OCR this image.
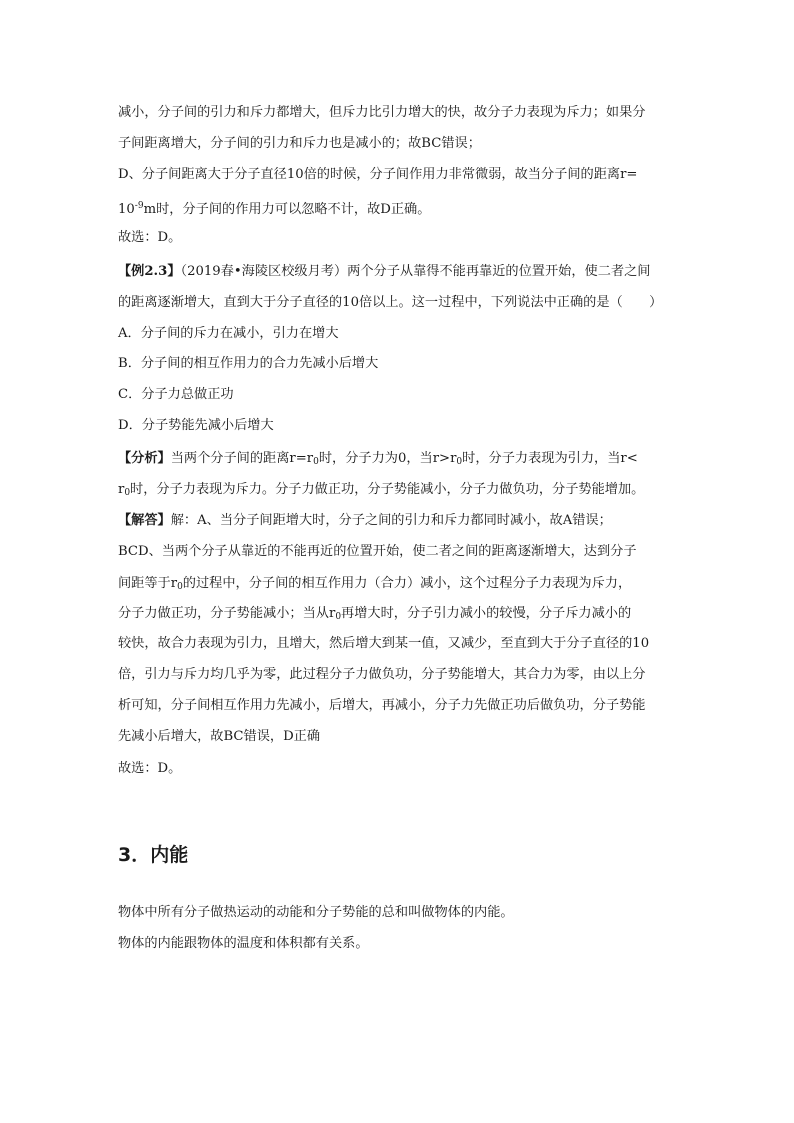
减小，分子间的引力和斥力都增大，但斥力比引力增大的快，故分子力表现为斥力；如果分
子间距离增大，分子间的引力和斥力也是减小的；故BC错误；
D、分子间距离大于分子直径10倍的时候，分子间作用力非常微弱，故当分子间的距离r=
$10^{-9}m$时，分子间的作用力可以忽略不计，故D正确。
故选：D。
【例2.3】（2019春•海陵区校级月考）两个分子从靠得不能再靠近的位置开始，使二者之间
的距离逐渐增大，直到大于分子直径的10倍以上。这一过程中，下列说法中正确的是（　　）
A．分子间的斥力在减小，引力在增大
B．分子间的相互作用力的合力先减小后增大
C．分子力总做正功
D．分子势能先减小后增大
【分析】当两个分子间的距离$r=r_0$时，分子力为0，当$r>r_0$时，分子力表现为引力，当r<
$r_0$时，分子力表现为斥力。分子力做正功，分子势能减小，分子力做负功，分子势能增加。
【解答】解：A、当分子间距增大时，分子之间的引力和斥力都同时减小，故A错误；
BCD、当两个分子从靠近的不能再近的位置开始，使二者之间的距离逐渐增大，达到分子
间距等于$r_0$的过程中，分子间的相互作用力（合力）减小，这个过程分子力表现为斥力，
分子力做正功，分子势能减小；当从$r_0$再增大时，分子引力减小的较慢，分子斥力减小的
较快，故合力表现为引力，且增大，然后增大到某一值，又减少，至直到大于分子直径的10
倍，引力与斥力均几乎为零，此过程分子力做负功，分子势能增大，其合力为零，由以上分
析可知，分子间相互作用力先减小，后增大，再减小，分子力先做正功后做负功，分子势能
先减小后增大，故BC错误，D正确
故选：D。
3．内能
物体中所有分子做热运动的动能和分子势能的总和叫做物体的内能。
物体的内能跟物体的温度和体积都有关系。
